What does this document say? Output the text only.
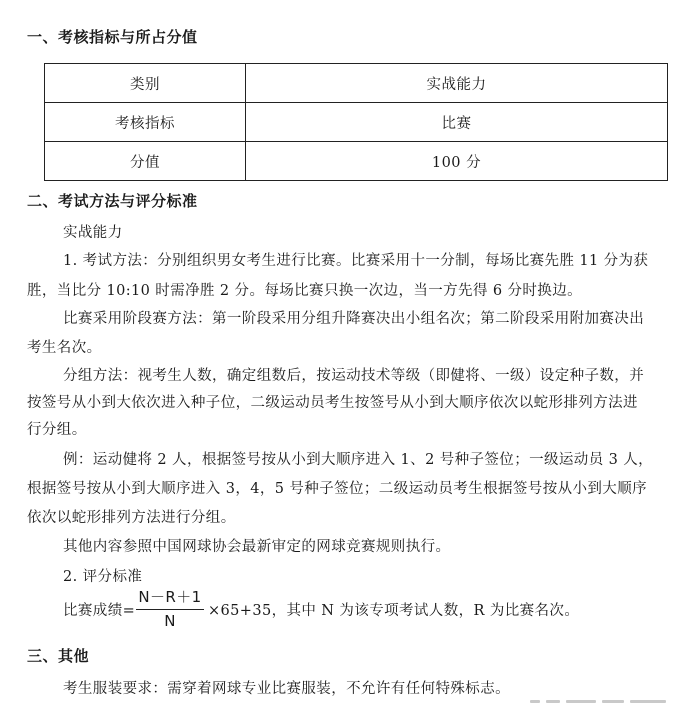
一、考核指标与所占分值
类别	实战能力
考核指标	比赛
分值	100 分
二、考试方法与评分标准
实战能力
1. 考试方法：分别组织男女考生进行比赛。比赛采用十一分制，每场比赛先胜 11 分为获
胜，当比分 10:10 时需净胜 2 分。每场比赛只换一次边，当一方先得 6 分时换边。
比赛采用阶段赛方法：第一阶段采用分组升降赛决出小组名次；第二阶段采用附加赛决出
考生名次。
分组方法：视考生人数，确定组数后，按运动技术等级（即健将、一级）设定种子数，并
按签号从小到大依次进入种子位，二级运动员考生按签号从小到大顺序依次以蛇形排列方法进
行分组。
例：运动健将 2 人，根据签号按从小到大顺序进入 1、2 号种子签位；一级运动员 3 人，
根据签号按从小到大顺序进入 3，4，5 号种子签位；二级运动员考生根据签号按从小到大顺序
依次以蛇形排列方法进行分组。
其他内容参照中国网球协会最新审定的网球竞赛规则执行。
2. 评分标准
比赛成绩=
N－R＋1
N
×65+35，其中 N 为该专项考试人数，R 为比赛名次。
三、其他
考生服装要求：需穿着网球专业比赛服装，不允许有任何特殊标志。
